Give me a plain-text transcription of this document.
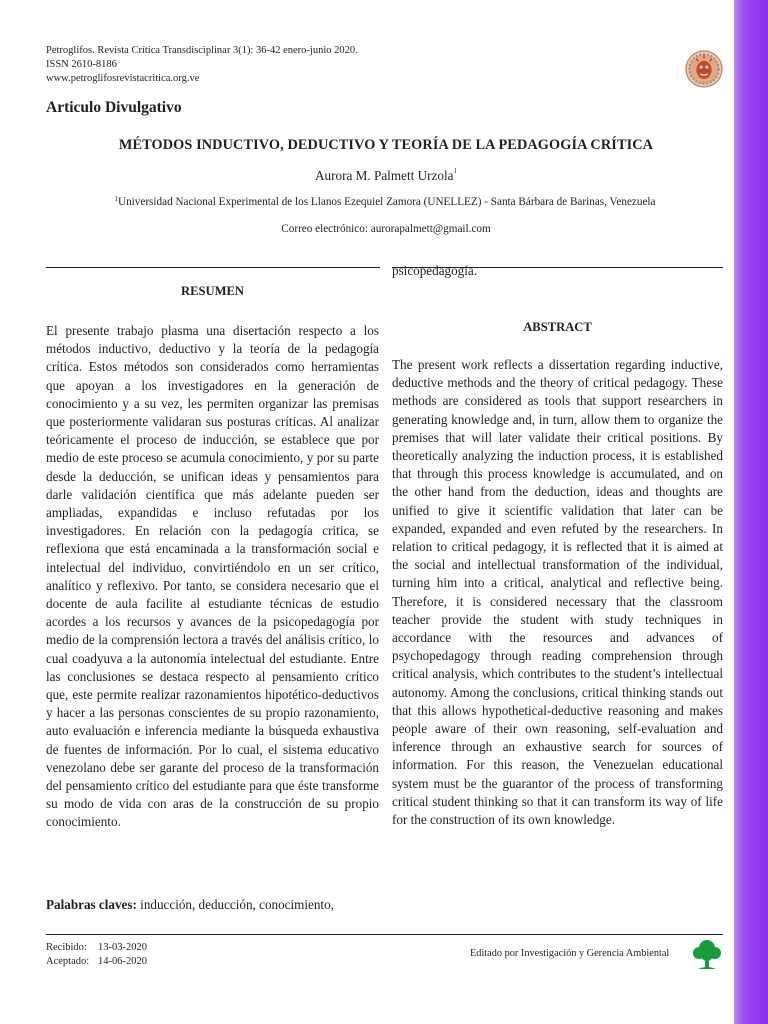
Petroglifos. Revista Crítica Transdisciplinar 3(1): 36-42 enero-junio 2020.
ISSN 2610-8186
www.petroglifosrevistacritica.org.ve
Articulo Divulgativo
MÉTODOS INDUCTIVO, DEDUCTIVO Y TEORÍA DE LA PEDAGOGÍA CRÍTICA
Aurora M. Palmett Urzola$^1$
$^1$Universidad Nacional Experimental de los Llanos Ezequiel Zamora (UNELLEZ) - Santa Bárbara de Barinas, Venezuela
Correo electrónico: aurorapalmett@gmail.com
psicopedagogía.
RESUMEN
El presente trabajo plasma una disertación respecto a los métodos inductivo, deductivo y la teoría de la pedagogía crítica. Estos métodos son considerados como herramientas que apoyan a los investigadores en la generación de conocimiento y a su vez, les permiten organizar las premisas que posteriormente validaran sus posturas críticas. Al analizar teóricamente el proceso de inducción, se establece que por medio de este proceso se acumula conocimiento, y por su parte desde la deducción, se unifican ideas y pensamientos para darle validación científica que más adelante pueden ser ampliadas, expandidas e incluso refutadas por los investigadores. En relación con la pedagogía critica, se reflexiona que está encaminada a la transformación social e intelectual del individuo, convirtiéndolo en un ser crítico, analítico y reflexivo. Por tanto, se considera necesario que el docente de aula facilite al estudiante técnicas de estudio acordes a los recursos y avances de la psicopedagogía por medio de la comprensión lectora a través del análisis crítico, lo cual coadyuva a la autonomía intelectual del estudiante. Entre las conclusiones se destaca respecto al pensamiento crítico que, este permite realizar razonamientos hipotético-deductivos y hacer a las personas conscientes de su propio razonamiento, auto evaluación e inferencia mediante la búsqueda exhaustiva de fuentes de información. Por lo cual, el sistema educativo venezolano debe ser garante del proceso de la transformación del pensamiento crítico del estudiante para que éste transforme su modo de vida con aras de la construcción de su propio conocimiento.
Palabras claves: inducción, deducción, conocimiento,
ABSTRACT
The present work reflects a dissertation regarding inductive, deductive methods and the theory of critical pedagogy. These methods are considered as tools that support researchers in generating knowledge and, in turn, allow them to organize the premises that will later validate their critical positions. By theoretically analyzing the induction process, it is established that through this process knowledge is accumulated, and on the other hand from the deduction, ideas and thoughts are unified to give it scientific validation that later can be expanded, expanded and even refuted by the researchers. In relation to critical pedagogy, it is reflected that it is aimed at the social and intellectual transformation of the individual, turning him into a critical, analytical and reflective being. Therefore, it is considered necessary that the classroom teacher provide the student with study techniques in accordance with the resources and advances of psychopedagogy through reading comprehension through critical analysis, which contributes to the student’s intellectual autonomy. Among the conclusions, critical thinking stands out that this allows hypothetical-deductive reasoning and makes people aware of their own reasoning, self-evaluation and inference through an exhaustive search for sources of information. For this reason, the Venezuelan educational system must be the guarantor of the process of transforming critical student thinking so that it can transform its way of life for the construction of its own knowledge.
Recibido: 13-03-2020
Aceptado: 14-06-2020
Editado por Investigación y Gerencia Ambiental
